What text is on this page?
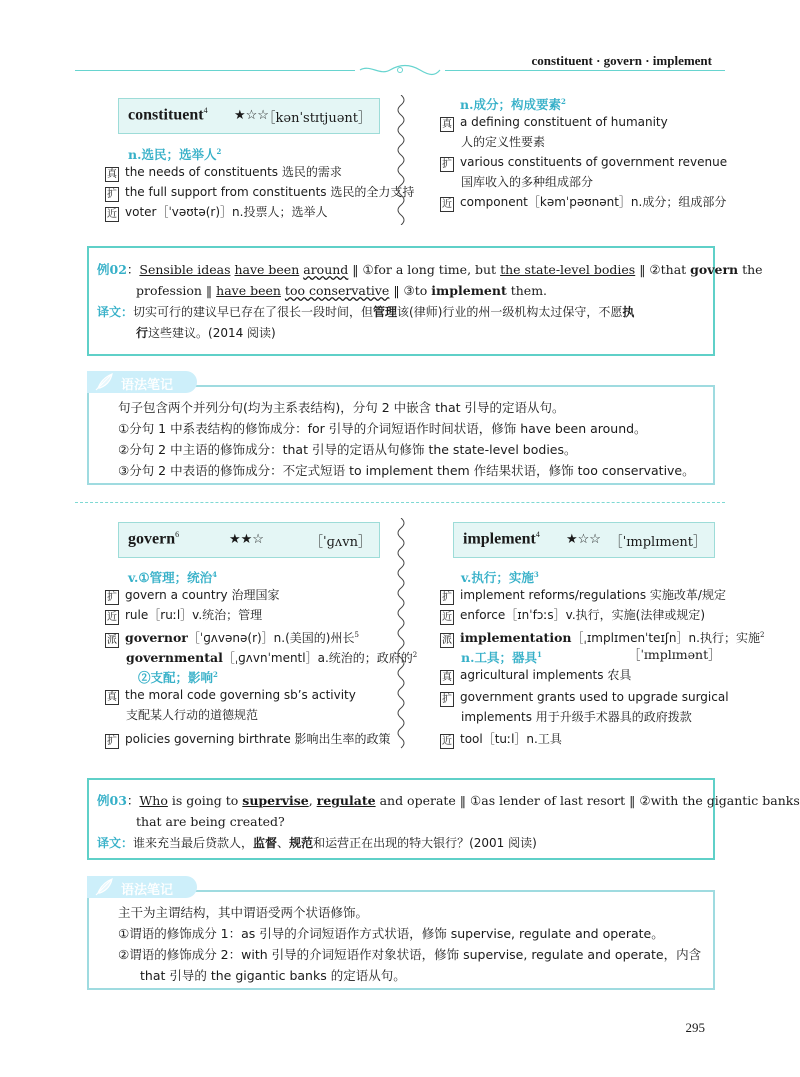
constituent · govern · implement
constituent$^4$ ★☆☆
［kənˈstɪtjuənt］
n.选民；选举人$^2$
真 the needs of constituents 选民的需求
扩 the full support from constituents 选民的全力支持
近 voter［ˈvəʊtə(r)］n.投票人；选举人
n.成分；构成要素$^2$
真 a defining constituent of humanity
人的定义性要素
扩 various constituents of government revenue
国库收入的多种组成部分
近 component［kəmˈpəʊnənt］n.成分；组成部分
例02：Sensible ideas have been around ‖ ①for a long time, but the state-level bodies ‖ ②that govern the
profession ‖ have been too conservative ‖ ③to implement them.
译文：切实可行的建议早已存在了很长一段时间，但管理该(律师)行业的州一级机构太过保守，不愿执
行这些建议。(2014 阅读)
语法笔记
句子包含两个并列分句(均为主系表结构)，分句 2 中嵌含 that 引导的定语从句。
①分句 1 中系表结构的修饰成分：for 引导的介词短语作时间状语，修饰 have been around。
②分句 2 中主语的修饰成分：that 引导的定语从句修饰 the state-level bodies。
③分句 2 中表语的修饰成分：不定式短语 to implement them 作结果状语，修饰 too conservative。
govern$^6$	★★☆	［ˈɡʌvn］
v.①管理；统治$^4$
扩 govern a country 治理国家
近 rule［ruːl］v.统治；管理
派 governor［ˈɡʌvənə(r)］n.(美国的)州长$^5$
governmental［ˌɡʌvnˈmentl］a.统治的；政府的$^2$
②支配；影响$^2$
真 the moral code governing sb’s activity
支配某人行动的道德规范
扩 policies governing birthrate 影响出生率的政策
implement$^4$ ★☆☆ ［ˈɪmplɪment］
v.执行；实施$^3$
扩 implement reforms/regulations 实施改革/规定
近 enforce［ɪnˈfɔːs］v.执行，实施(法律或规定)
派 implementation［ˌɪmplɪmenˈteɪʃn］n.执行；实施$^2$
n.工具；器具$^1$	［ˈɪmplɪmənt］
真 agricultural implements 农具
扩 government grants used to upgrade surgical
implements 用于升级手术器具的政府拨款
近 tool［tuːl］n.工具
例03：Who is going to supervise, regulate and operate ‖ ①as lender of last resort ‖ ②with the gigantic banks
that are being created?
译文：谁来充当最后贷款人，监督、规范和运营正在出现的特大银行？(2001 阅读)
语法笔记
主干为主谓结构，其中谓语受两个状语修饰。
①谓语的修饰成分 1：as 引导的介词短语作方式状语，修饰 supervise, regulate and operate。
②谓语的修饰成分 2：with 引导的介词短语作对象状语，修饰 supervise, regulate and operate，内含
that 引导的 the gigantic banks 的定语从句。
295
